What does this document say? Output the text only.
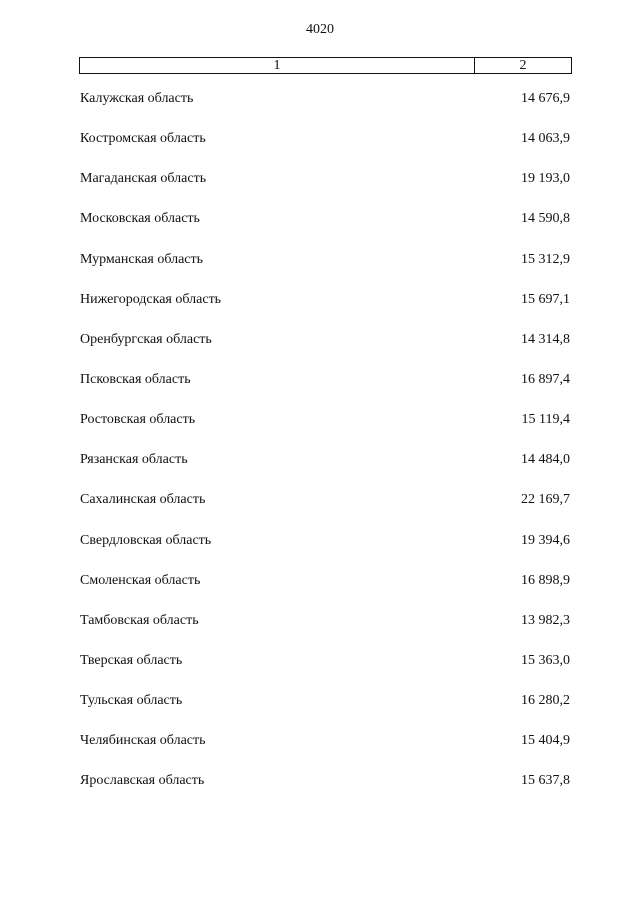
4020
1	2
Калужская область	14 676,9
Костромская область	14 063,9
Магаданская область	19 193,0
Московская область	14 590,8
Мурманская область	15 312,9
Нижегородская область	15 697,1
Оренбургская область	14 314,8
Псковская область	16 897,4
Ростовская область	15 119,4
Рязанская область	14 484,0
Сахалинская область	22 169,7
Свердловская область	19 394,6
Смоленская область	16 898,9
Тамбовская область	13 982,3
Тверская область	15 363,0
Тульская область	16 280,2
Челябинская область	15 404,9
Ярославская область	15 637,8
